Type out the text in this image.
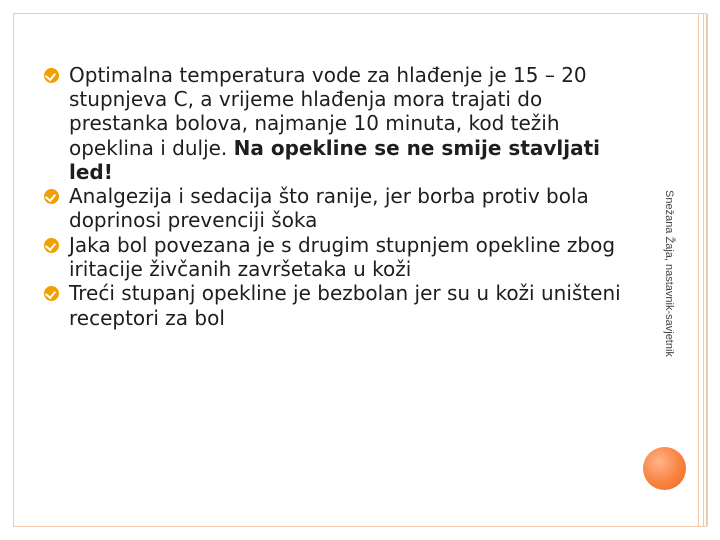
Snežana Žaja, nastavnik-savjetnik
Optimalna temperatura vode za hlađenje je 15 – 20 stupnjeva C, a vrijeme hlađenja mora trajati do prestanka bolova, najmanje 10 minuta, kod težih opeklina i dulje. Na opekline se ne smije stavljati led!
Analgezija i sedacija što ranije, jer borba protiv bola doprinosi prevenciji šoka
Jaka bol povezana je s drugim stupnjem opekline zbog iritacije živčanih završetaka u koži
Treći stupanj opekline je bezbolan jer su u koži uništeni receptori za bol
